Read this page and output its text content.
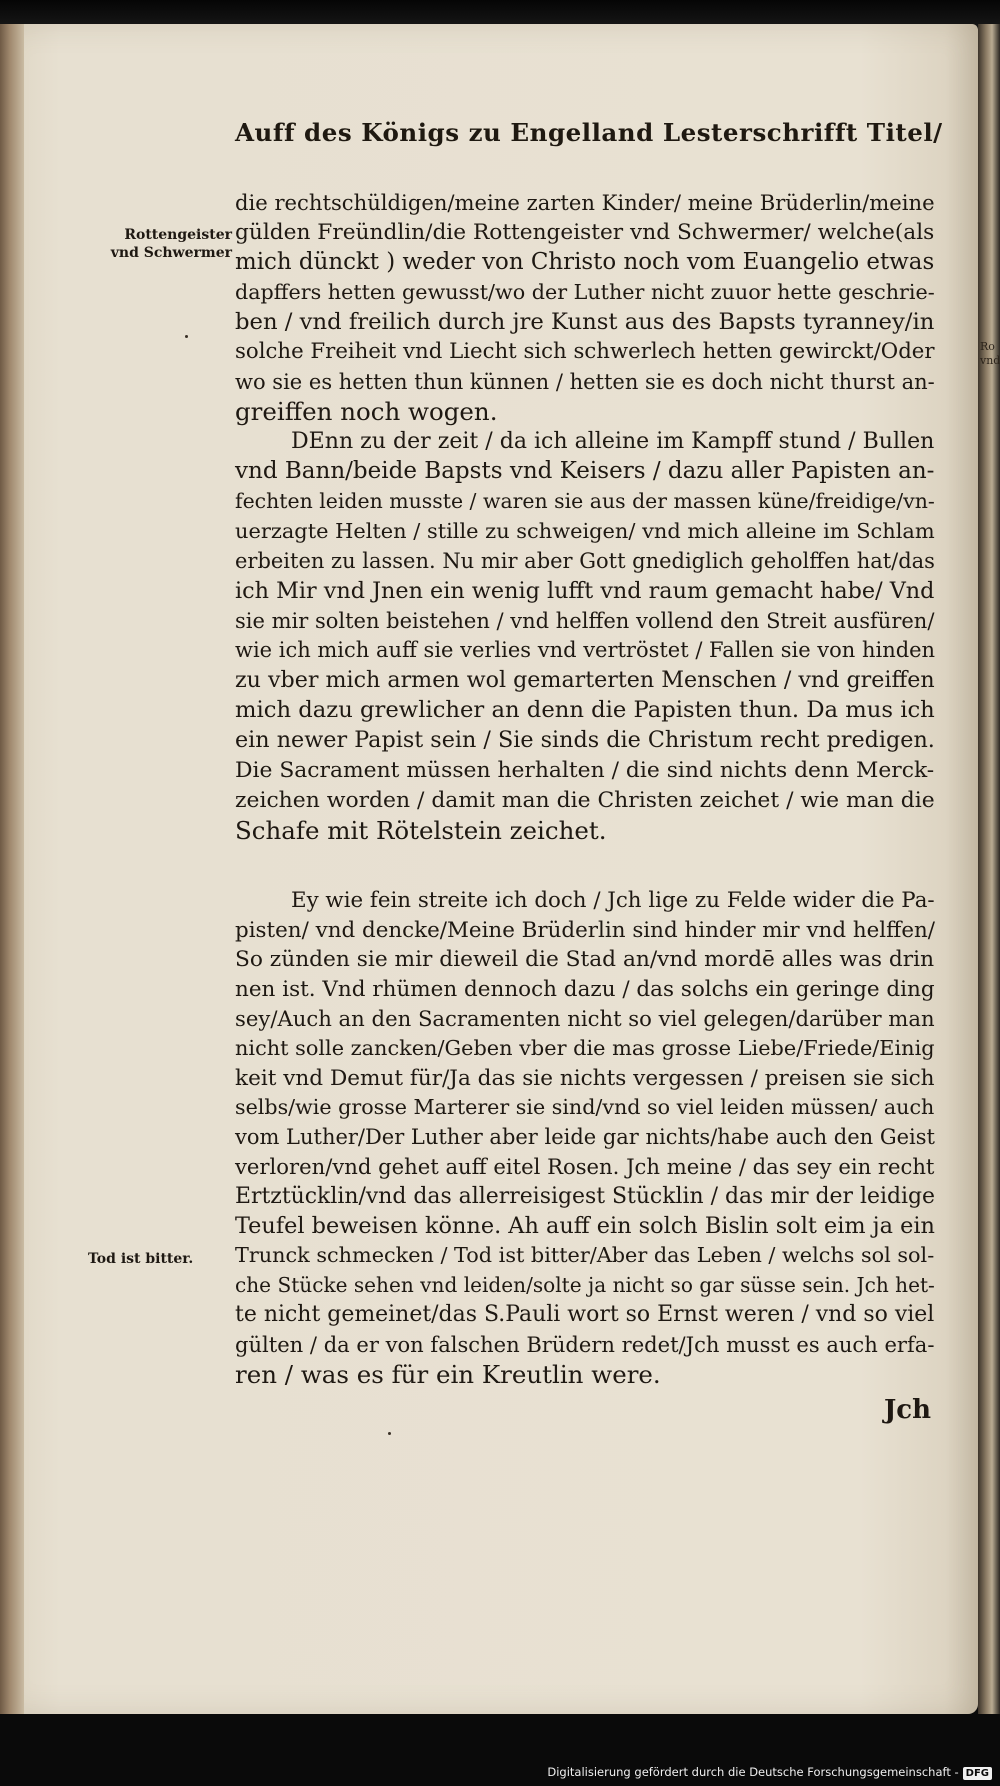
Ro
vnd
Auff des Königs zu Engelland Lesterschrifft Titel/
Rottengeister
vnd Schwermer
die rechtschüldigen/meine zarten Kinder/ meine Brüderlin/meine
gülden Freündlin/die Rottengeister vnd Schwermer/ welche(als
mich dünckt ) weder von Christo noch vom Euangelio etwas
dapffers hetten gewusst/wo der Luther nicht zuuor hette geschrie-
ben / vnd freilich durch jre Kunst aus des Bapsts tyranney/in
solche Freiheit vnd Liecht sich schwerlech hetten gewirckt/Oder
wo sie es hetten thun künnen / hetten sie es doch nicht thurst an-
greiffen noch wogen.
DEnn zu der zeit / da ich alleine im Kampff stund / Bullen
vnd Bann/beide Bapsts vnd Keisers / dazu aller Papisten an-
fechten leiden musste / waren sie aus der massen küne/freidige/vn-
uerzagte Helten / stille zu schweigen/ vnd mich alleine im Schlam
erbeiten zu lassen. Nu mir aber Gott gnediglich geholffen hat/das
ich Mir vnd Jnen ein wenig lufft vnd raum gemacht habe/ Vnd
sie mir solten beistehen / vnd helffen vollend den Streit ausfüren/
wie ich mich auff sie verlies vnd vertröstet / Fallen sie von hinden
zu vber mich armen wol gemarterten Menschen / vnd greiffen
mich dazu grewlicher an denn die Papisten thun. Da mus ich
ein newer Papist sein / Sie sinds die Christum recht predigen.
Die Sacrament müssen herhalten / die sind nichts denn Merck-
zeichen worden / damit man die Christen zeichet / wie man die
Schafe mit Rötelstein zeichet.
Ey wie fein streite ich doch / Jch lige zu Felde wider die Pa-
pisten/ vnd dencke/Meine Brüderlin sind hinder mir vnd helffen/
So zünden sie mir dieweil die Stad an/vnd mordē alles was drin
nen ist. Vnd rhümen dennoch dazu / das solchs ein geringe ding
sey/Auch an den Sacramenten nicht so viel gelegen/darüber man
nicht solle zancken/Geben vber die mas grosse Liebe/Friede/Einig
keit vnd Demut für/Ja das sie nichts vergessen / preisen sie sich
selbs/wie grosse Marterer sie sind/vnd so viel leiden müssen/ auch
vom Luther/Der Luther aber leide gar nichts/habe auch den Geist
verloren/vnd gehet auff eitel Rosen. Jch meine / das sey ein recht
Ertztücklin/vnd das allerreisigest Stücklin / das mir der leidige
Teufel beweisen könne. Ah auff ein solch Bislin solt eim ja ein
Trunck schmecken / Tod ist bitter/Aber das Leben / welchs sol sol-
che Stücke sehen vnd leiden/solte ja nicht so gar süsse sein. Jch het-
te nicht gemeinet/das S.Pauli wort so Ernst weren / vnd so viel
gülten / da er von falschen Brüdern redet/Jch musst es auch erfa-
ren / was es für ein Kreutlin were.
Tod ist bitter.
Jch
Digitalisierung gefördert durch die Deutsche Forschungsgemeinschaft - DFG
